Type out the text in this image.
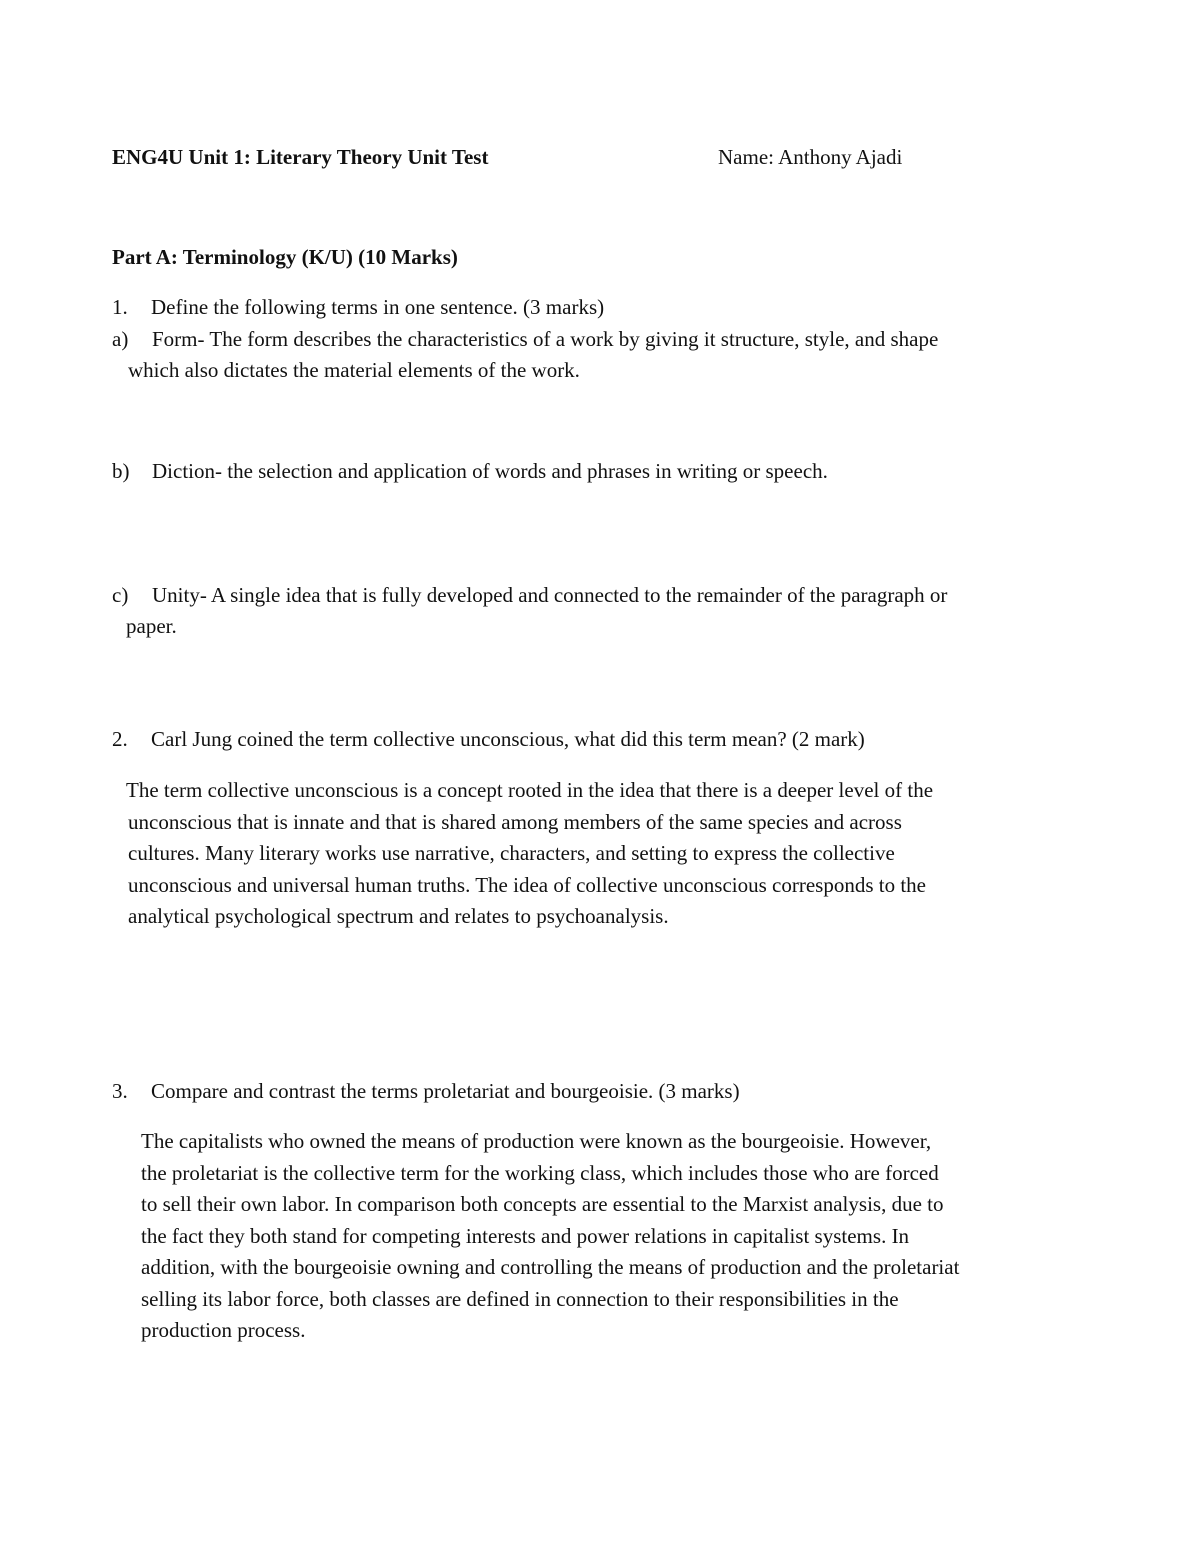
ENG4U Unit 1: Literary Theory Unit Test	Name: Anthony Ajadi
Part A: Terminology (K/U) (10 Marks)
1. Define the following terms in one sentence. (3 marks)
a) Form- The form describes the characteristics of a work by giving it structure, style, and shape
which also dictates the material elements of the work.
b) Diction- the selection and application of words and phrases in writing or speech.
c) Unity- A single idea that is fully developed and connected to the remainder of the paragraph or
paper.
2. Carl Jung coined the term collective unconscious, what did this term mean? (2 mark)
The term collective unconscious is a concept rooted in the idea that there is a deeper level of the
unconscious that is innate and that is shared among members of the same species and across
cultures. Many literary works use narrative, characters, and setting to express the collective
unconscious and universal human truths. The idea of collective unconscious corresponds to the
analytical psychological spectrum and relates to psychoanalysis.
3. Compare and contrast the terms proletariat and bourgeoisie. (3 marks)
The capitalists who owned the means of production were known as the bourgeoisie. However,
the proletariat is the collective term for the working class, which includes those who are forced
to sell their own labor. In comparison both concepts are essential to the Marxist analysis, due to
the fact they both stand for competing interests and power relations in capitalist systems. In
addition, with the bourgeoisie owning and controlling the means of production and the proletariat
selling its labor force, both classes are defined in connection to their responsibilities in the
production process.
